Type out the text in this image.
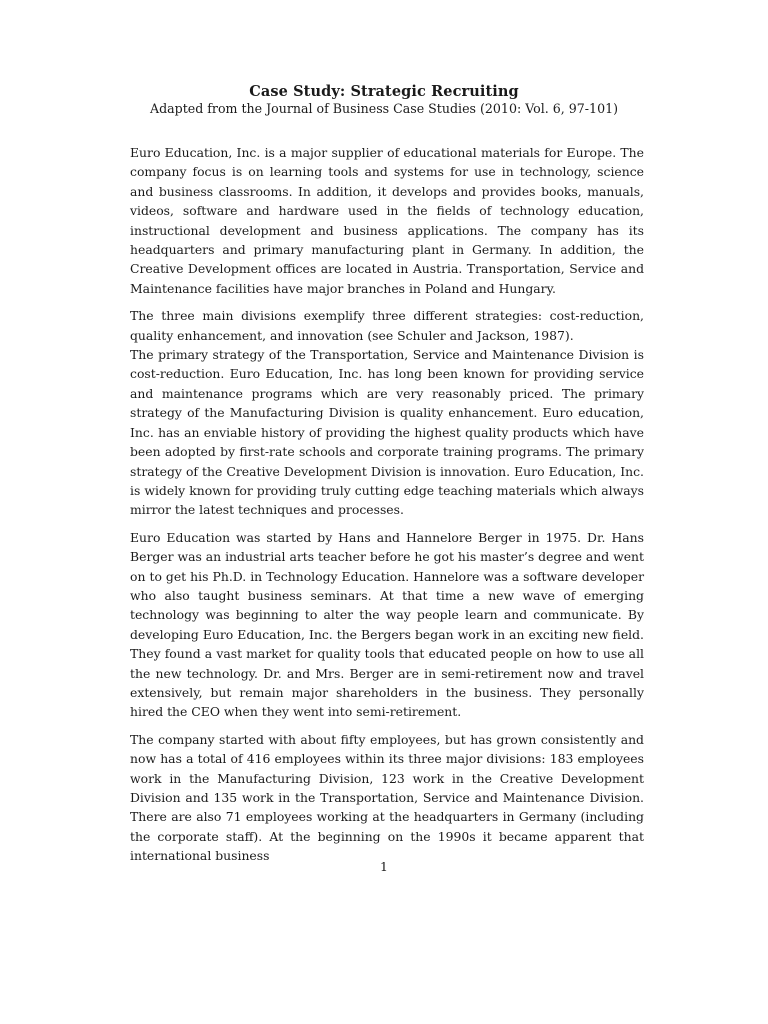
Case Study: Strategic Recruiting
Adapted from the Journal of Business Case Studies (2010: Vol. 6, 97-101)

Euro Education, Inc. is a major supplier of educational materials for Europe. The company focus is on learning tools and systems for use in technology, science and business classrooms. In addition, it develops and provides books, manuals, videos, software and hardware used in the fields of technology education, instructional development and business applications. The company has its headquarters and primary manufacturing plant in Germany. In addition, the Creative Development offices are located in Austria. Transportation, Service and Maintenance facilities have major branches in Poland and Hungary.

The three main divisions exemplify three different strategies: cost-reduction, quality enhancement, and innovation (see Schuler and Jackson, 1987).

The primary strategy of the Transportation, Service and Maintenance Division is cost-reduction. Euro Education, Inc. has long been known for providing service and maintenance programs which are very reasonably priced. The primary strategy of the Manufacturing Division is quality enhancement. Euro education, Inc. has an enviable history of providing the highest quality products which have been adopted by first-rate schools and corporate training programs. The primary strategy of the Creative Development Division is innovation. Euro Education, Inc. is widely known for providing truly cutting edge teaching materials which always mirror the latest techniques and processes.

Euro Education was started by Hans and Hannelore Berger in 1975. Dr. Hans Berger was an industrial arts teacher before he got his master’s degree and went on to get his Ph.D. in Technology Education. Hannelore was a software developer who also taught business seminars. At that time a new wave of emerging technology was beginning to alter the way people learn and communicate. By developing Euro Education, Inc. the Bergers began work in an exciting new field. They found a vast market for quality tools that educated people on how to use all the new technology. Dr. and Mrs. Berger are in semi-retirement now and travel extensively, but remain major shareholders in the business. They personally hired the CEO when they went into semi-retirement.

The company started with about fifty employees, but has grown consistently and now has a total of 416 employees within its three major divisions: 183 employees work in the Manufacturing Division, 123 work in the Creative Development Division and 135 work in the Transportation, Service and Maintenance Division. There are also 71 employees working at the headquarters in Germany (including the corporate staff). At the beginning on the 1990s it became apparent that international business

1
